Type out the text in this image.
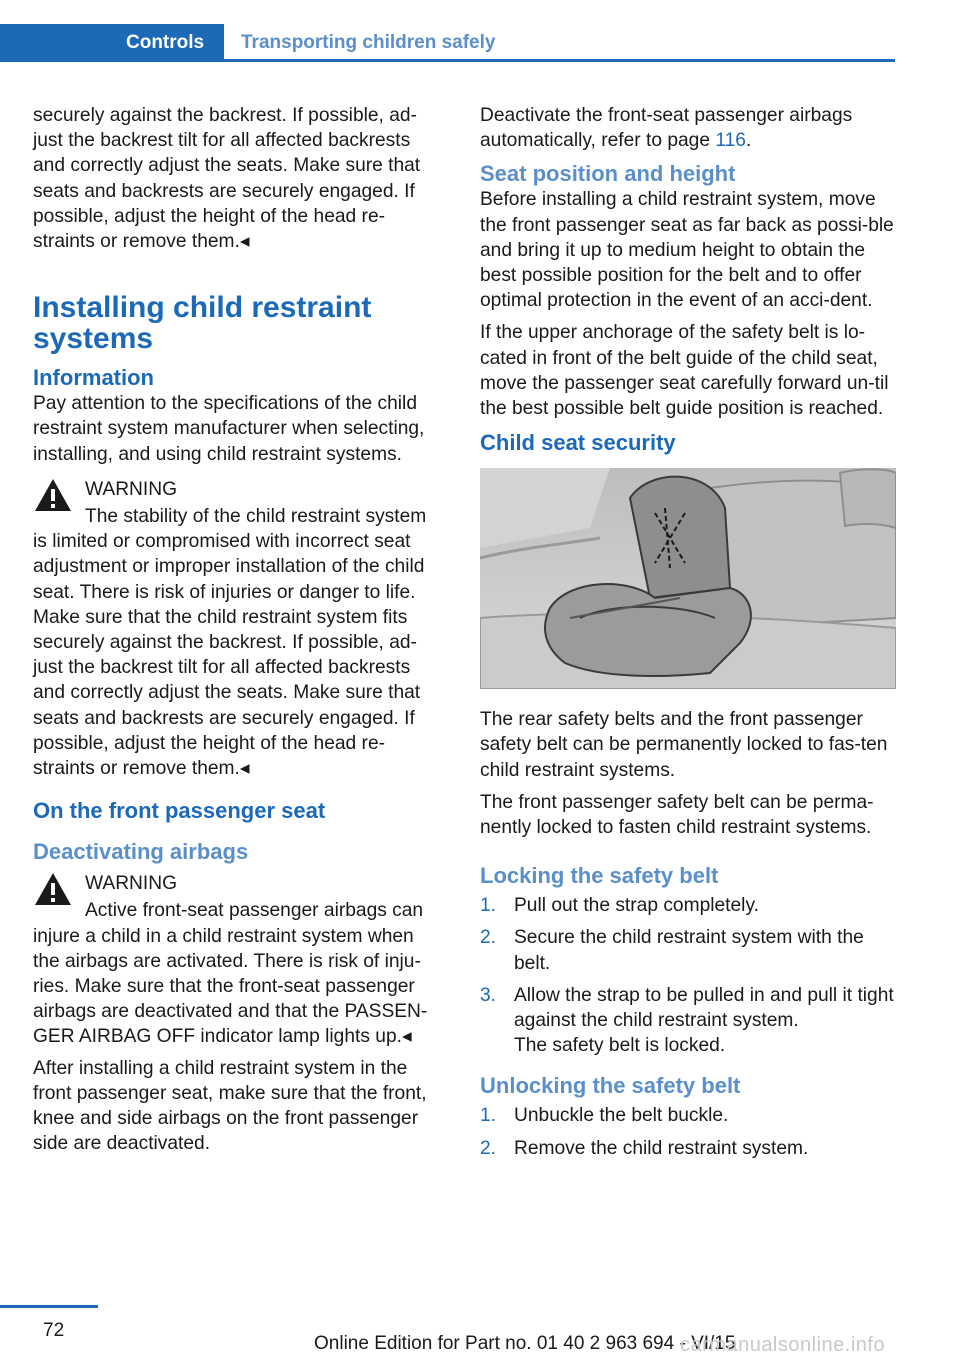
Controls	Transporting children safely

securely against the backrest. If possible, ad-just the backrest tilt for all affected backrests and correctly adjust the seats. Make sure that seats and backrests are securely engaged. If possible, adjust the height of the head re-straints or remove them.◂

Installing child restraint systems
Information

Pay attention to the specifications of the child restraint system manufacturer when selecting, installing, and using child restraint systems.

WARNING
The stability of the child restraint system is limited or compromised with incorrect seat adjustment or improper installation of the child seat. There is risk of injuries or danger to life. Make sure that the child restraint system fits securely against the backrest. If possible, ad-just the backrest tilt for all affected backrests and correctly adjust the seats. Make sure that seats and backrests are securely engaged. If possible, adjust the height of the head re-straints or remove them.◂
On the front passenger seat
Deactivating airbags
WARNING
Active front-seat passenger airbags can injure a child in a child restraint system when the airbags are activated. There is risk of inju-ries. Make sure that the front-seat passenger airbags are deactivated and that the PASSEN-GER AIRBAG OFF indicator lamp lights up.◂

After installing a child restraint system in the front passenger seat, make sure that the front, knee and side airbags on the front passenger side are deactivated.

Deactivate the front-seat passenger airbags automatically, refer to page 116.

Seat position and height

Before installing a child restraint system, move the front passenger seat as far back as possi-ble and bring it up to medium height to obtain the best possible position for the belt and to offer optimal protection in the event of an acci-dent.

If the upper anchorage of the safety belt is lo-cated in front of the belt guide of the child seat, move the passenger seat carefully forward un-til the best possible belt guide position is reached.

Child seat security

The rear safety belts and the front passenger safety belt can be permanently locked to fas-ten child restraint systems.

The front passenger safety belt can be perma-nently locked to fasten child restraint systems.

Locking the safety belt
1. Pull out the strap completely.
2. Secure the child restraint system with the belt.
3. Allow the strap to be pulled in and pull it tight against the child restraint system.
The safety belt is locked.
Unlocking the safety belt
1. Unbuckle the belt buckle.
2. Remove the child restraint system.
72
Online Edition for Part no. 01 40 2 963 694 - VI/15
carmanualsonline.info
